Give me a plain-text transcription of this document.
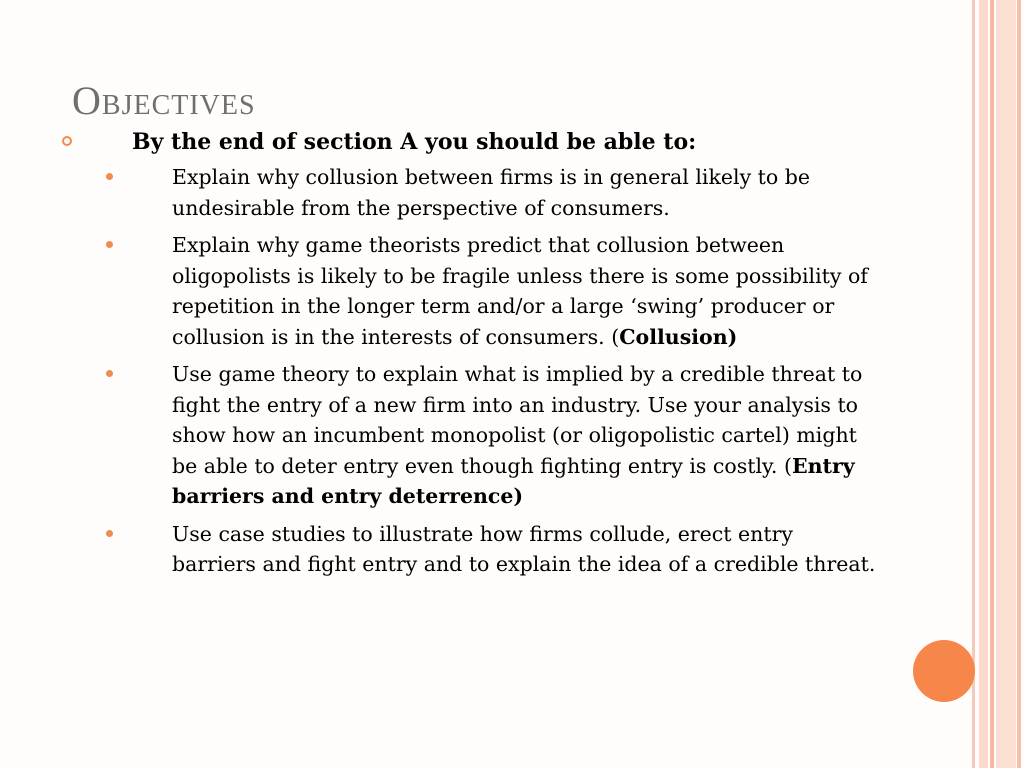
Objectives
By the end of section A you should be able to:
Explain why collusion between firms is in general likely to be undesirable from the perspective of consumers.
Explain why game theorists predict that collusion between oligopolists is likely to be fragile unless there is some possibility of repetition in the longer term and/or a large ‘swing’ producer or collusion is in the interests of consumers. (Collusion)
Use game theory to explain what is implied by a credible threat to fight the entry of a new firm into an industry. Use your analysis to show how an incumbent monopolist (or oligopolistic cartel) might be able to deter entry even though fighting entry is costly. (Entry barriers and entry deterrence)
Use case studies to illustrate how firms collude, erect entry barriers and fight entry and to explain the idea of a credible threat.
